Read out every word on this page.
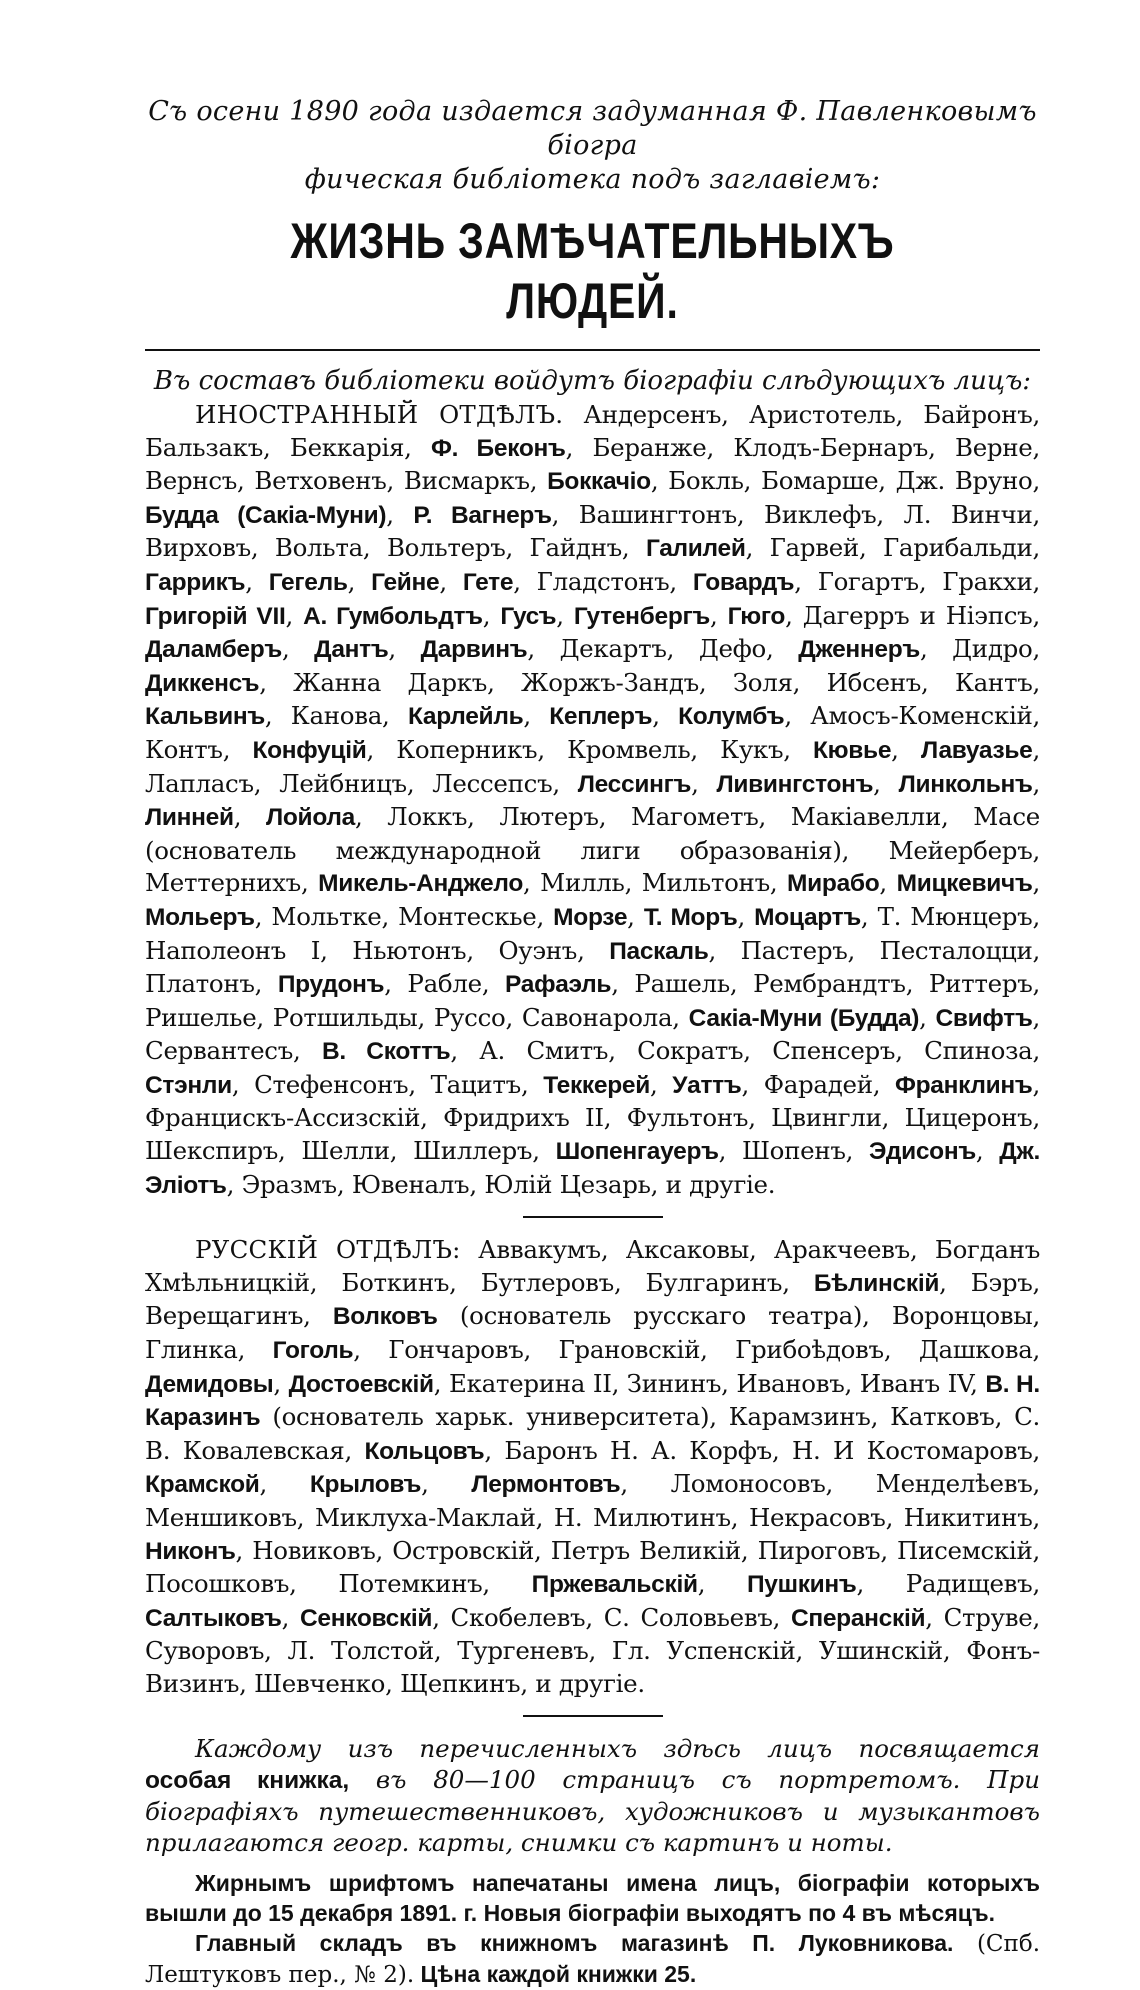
Съ осени 1890 года издается задуманная Ф. Павленковымъ біогра
фическая библіотека подъ заглавіемъ:
ЖИЗНЬ ЗАМѢЧАТЕЛЬНЫХЪ ЛЮДЕЙ.

Въ составъ библіотеки войдутъ біографіи слѣдующихъ лицъ:

ИНОСТРАННЫЙ ОТДѢЛЪ. Андерсенъ, Аристотель, Байронъ, Бальзакъ, Беккарія, Ф. Беконъ, Беранже, Клодъ-Бернаръ, Верне, Вернсъ, Ветховенъ, Висмаркъ, Боккачіо, Бокль, Бомарше, Дж. Вруно, Будда (Сакіа-Муни), Р. Вагнеръ, Вашингтонъ, Виклефъ, Л. Винчи, Вирховъ, Вольта, Вольтеръ, Гайднъ, Галилей, Гарвей, Гарибальди, Гаррикъ, Гегель, Гейне, Гете, Гладстонъ, Говардъ, Гогартъ, Гракхи, Григорій VII, А. Гумбольдтъ, Гусъ, Гутенбергъ, Гюго, Дагерръ и Ніэпсъ, Даламберъ, Дантъ, Дарвинъ, Декартъ, Дефо, Дженнеръ, Дидро, Диккенсъ, Жанна Даркъ, Жоржъ-Зандъ, Золя, Ибсенъ, Кантъ, Кальвинъ, Канова, Карлейль, Кеплеръ, Колумбъ, Амосъ-Коменскій, Контъ, Конфуцій, Коперникъ, Кромвель, Кукъ, Кювье, Лавуазье, Лапласъ, Лейбницъ, Лессепсъ, Лессингъ, Ливингстонъ, Линкольнъ, Линней, Лойола, Локкъ, Лютеръ, Магометъ, Макіавелли, Масе (основатель международной лиги образованія), Мейерберъ, Меттернихъ, Микель-Анджело, Милль, Мильтонъ, Мирабо, Мицкевичъ, Мольеръ, Мольтке, Монтескье, Морзе, Т. Моръ, Моцартъ, Т. Мюнцеръ, Наполеонъ I, Ньютонъ, Оуэнъ, Паскаль, Пастеръ, Песталоцци, Платонъ, Прудонъ, Рабле, Рафаэль, Рашель, Рембрандтъ, Риттеръ, Ришелье, Ротшильды, Руссо, Савонарола, Сакіа-Муни (Будда), Свифтъ, Сервантесъ, В. Скоттъ, А. Смитъ, Сократъ, Спенсеръ, Спиноза, Стэнли, Стефенсонъ, Тацитъ, Теккерей, Уаттъ, Фарадей, Франклинъ, Францискъ-Ассизскій, Фридрихъ II, Фультонъ, Цвингли, Цицеронъ, Шекспиръ, Шелли, Шиллеръ, Шопенгауеръ, Шопенъ, Эдисонъ, Дж. Эліотъ, Эразмъ, Ювеналъ, Юлій Цезарь, и другіе.

РУССКІЙ ОТДѢЛЪ: Аввакумъ, Аксаковы, Аракчеевъ, Богданъ Хмѣльницкій, Боткинъ, Бутлеровъ, Булгаринъ, Бѣлинскій, Бэръ, Верещагинъ, Волковъ (основатель русскаго театра), Воронцовы, Глинка, Гоголь, Гончаровъ, Грановскій, Грибоѣдовъ, Дашкова, Демидовы, Достоевскій, Екатерина II, Зининъ, Ивановъ, Иванъ IV, В. Н. Каразинъ (основатель харьк. университета), Карамзинъ, Катковъ, С. В. Ковалевская, Кольцовъ, Баронъ Н. А. Корфъ, Н. И Костомаровъ, Крамской, Крыловъ, Лермонтовъ, Ломоносовъ, Менделѣевъ, Меншиковъ, Миклуха-Маклай, Н. Милютинъ, Некрасовъ, Никитинъ, Никонъ, Новиковъ, Островскій, Петръ Великій, Пироговъ, Писемскій, Посошковъ, Потемкинъ, Пржевальскій, Пушкинъ, Радищевъ, Салтыковъ, Сенковскій, Скобелевъ, С. Соловьевъ, Сперанскій, Струве, Суворовъ, Л. Толстой, Тургеневъ, Гл. Успенскій, Ушинскій, Фонъ-Визинъ, Шевченко, Щепкинъ, и другіе.

Каждому изъ перечисленныхъ здѣсь лицъ посвящается особая книжка, въ 80—100 страницъ съ портретомъ. При біографіяхъ путешественниковъ, художниковъ и музыкантовъ прилагаются геогр. карты, снимки съ картинъ и ноты.

Жирнымъ шрифтомъ напечатаны имена лицъ, біографіи которыхъ вышли до 15 декабря 1891. г. Новыя біографіи выходятъ по 4 въ мѣсяцъ.

Главный складъ въ книжномъ магазинѣ П. Луковникова. (Спб. Лештуковъ пер., № 2). Цѣна каждой книжки 25.
